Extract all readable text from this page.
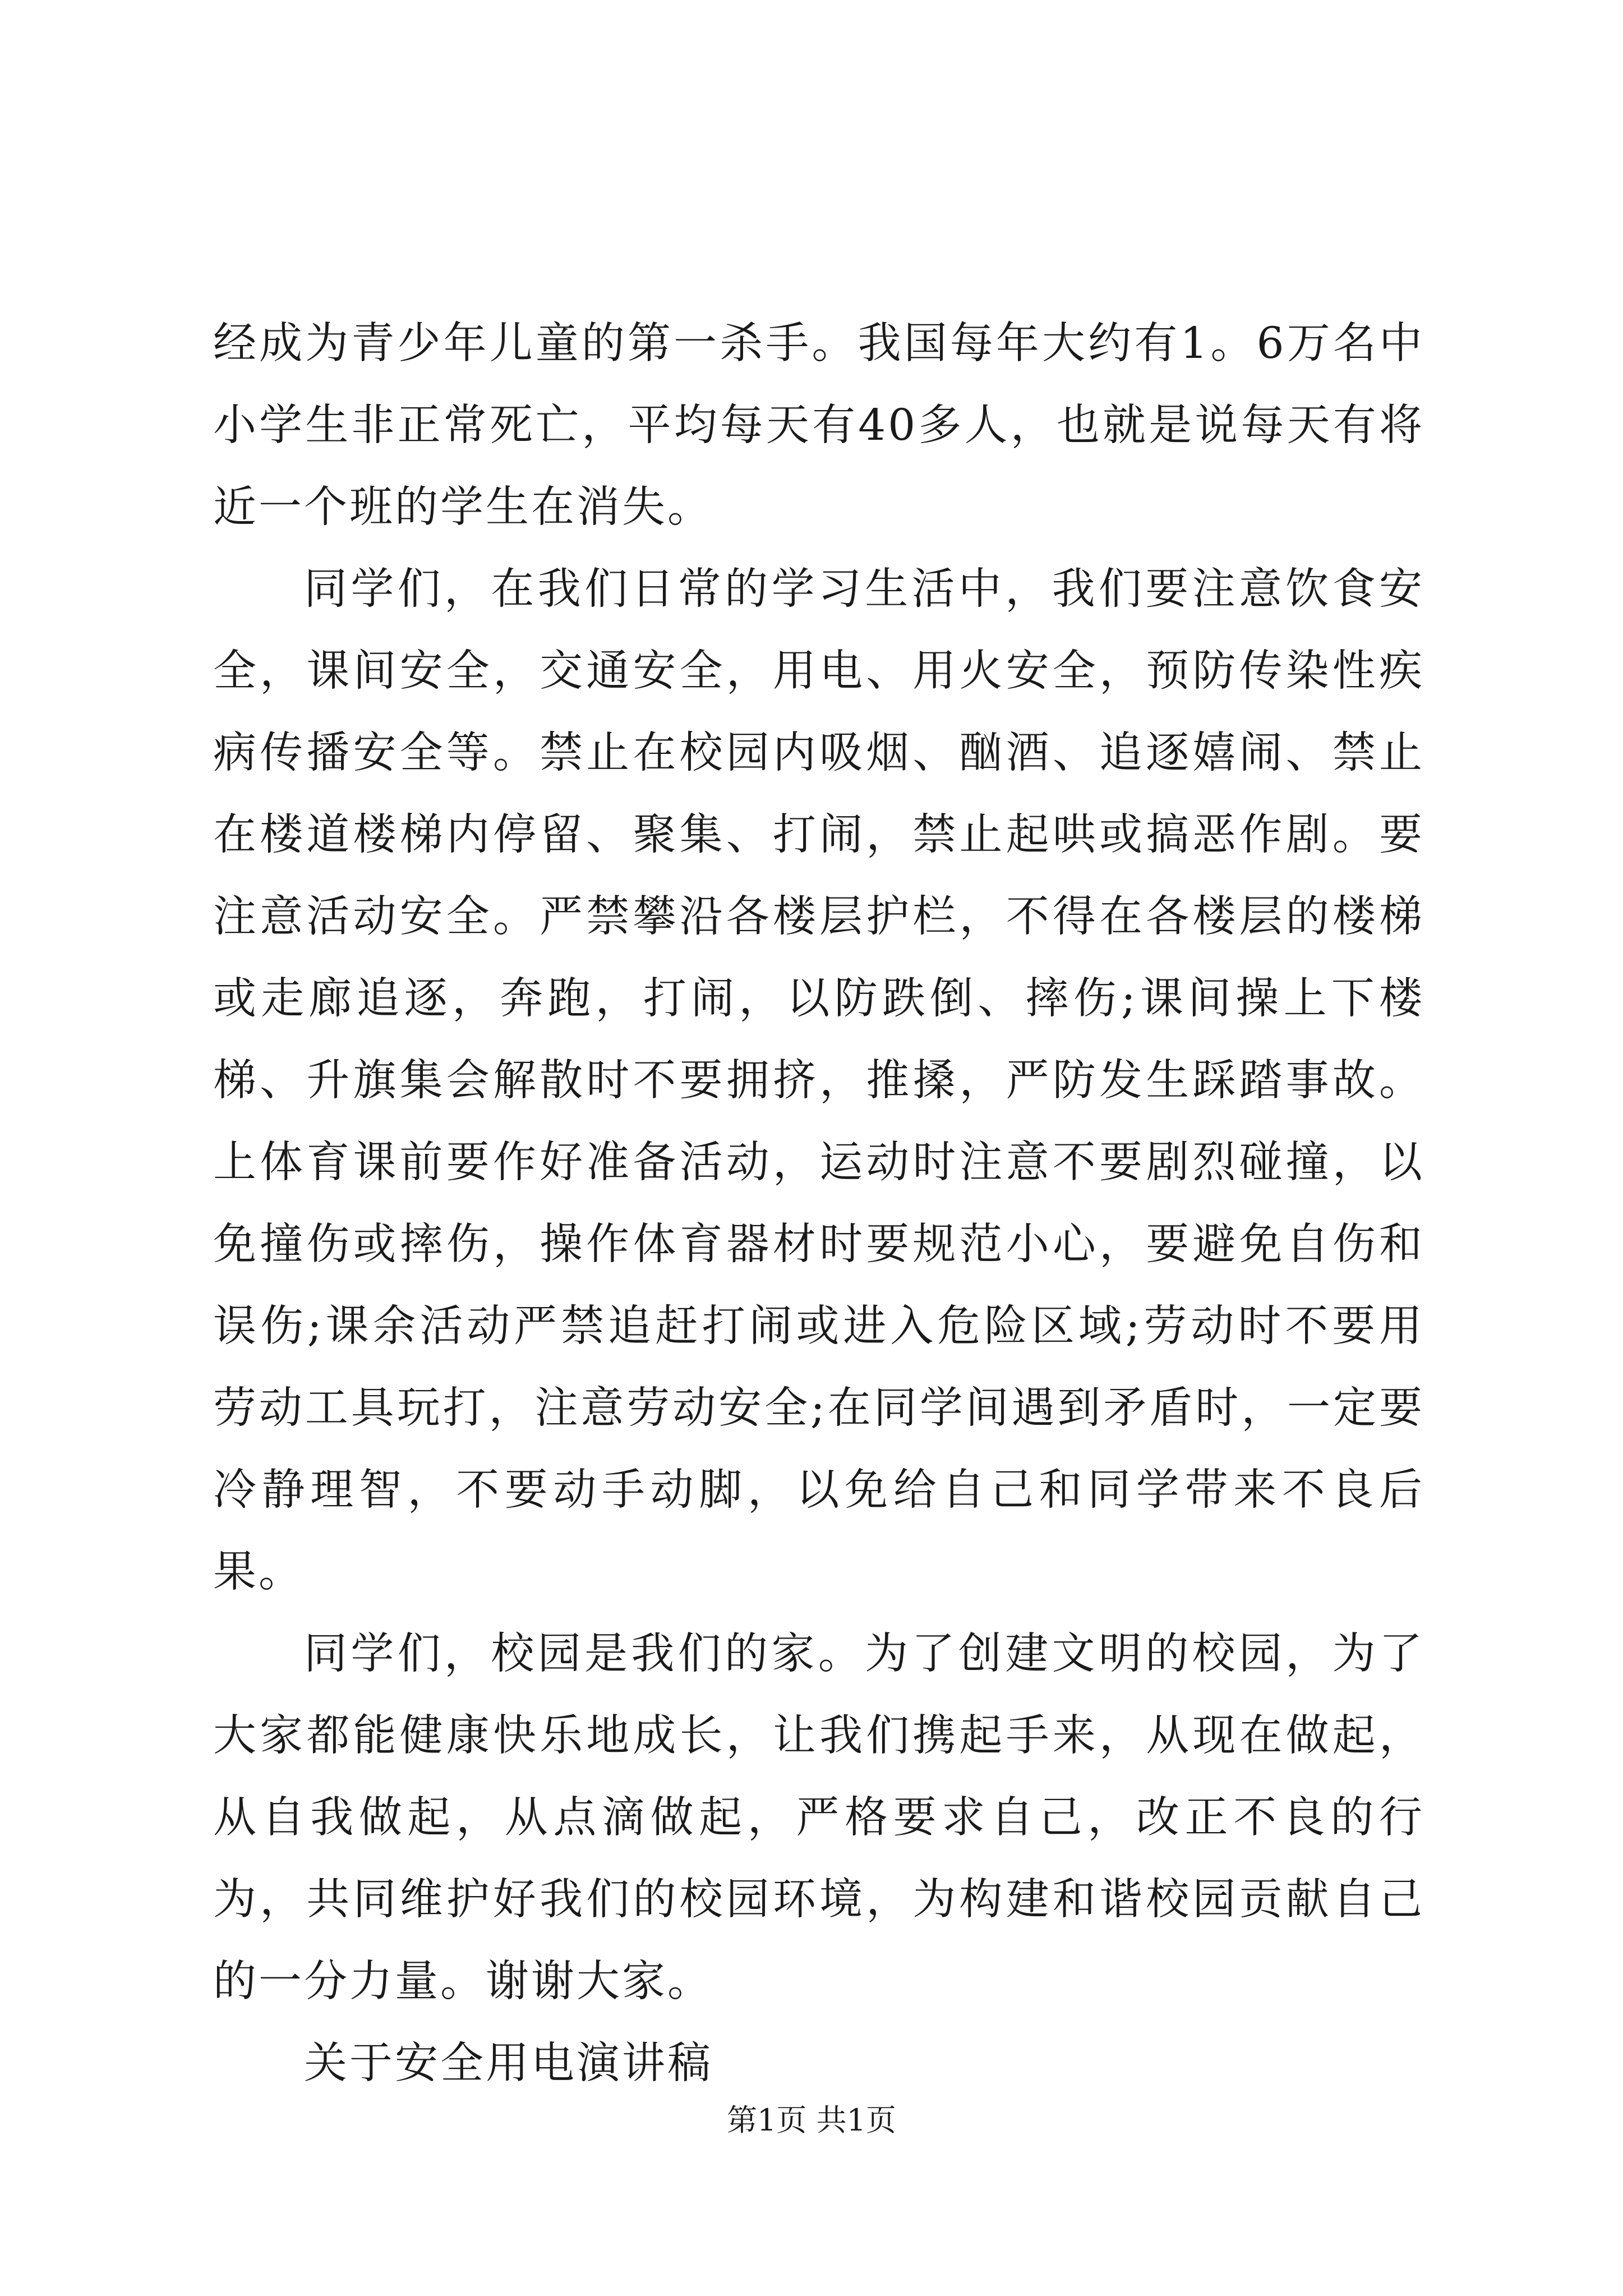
经成为青少年儿童的第一杀手。我国每年大约有1。6万名中小学生非正常死亡，平均每天有40多人，也就是说每天有将近一个班的学生在消失。

同学们，在我们日常的学习生活中，我们要注意饮食安全，课间安全，交通安全，用电、用火安全，预防传染性疾病传播安全等。禁止在校园内吸烟、酗酒、追逐嬉闹、禁止在楼道楼梯内停留、聚集、打闹，禁止起哄或搞恶作剧。要注意活动安全。严禁攀沿各楼层护栏，不得在各楼层的楼梯或走廊追逐，奔跑，打闹，以防跌倒、摔伤;课间操上下楼梯、升旗集会解散时不要拥挤，推搡，严防发生踩踏事故。上体育课前要作好准备活动，运动时注意不要剧烈碰撞，以免撞伤或摔伤，操作体育器材时要规范小心，要避免自伤和误伤;课余活动严禁追赶打闹或进入危险区域;劳动时不要用劳动工具玩打，注意劳动安全;在同学间遇到矛盾时，一定要冷静理智，不要动手动脚，以免给自己和同学带来不良后果。

同学们，校园是我们的家。为了创建文明的校园，为了大家都能健康快乐地成长，让我们携起手来，从现在做起，从自我做起，从点滴做起，严格要求自己，改正不良的行为，共同维护好我们的校园环境，为构建和谐校园贡献自己的一分力量。谢谢大家。

关于安全用电演讲稿

第1页 共1页
